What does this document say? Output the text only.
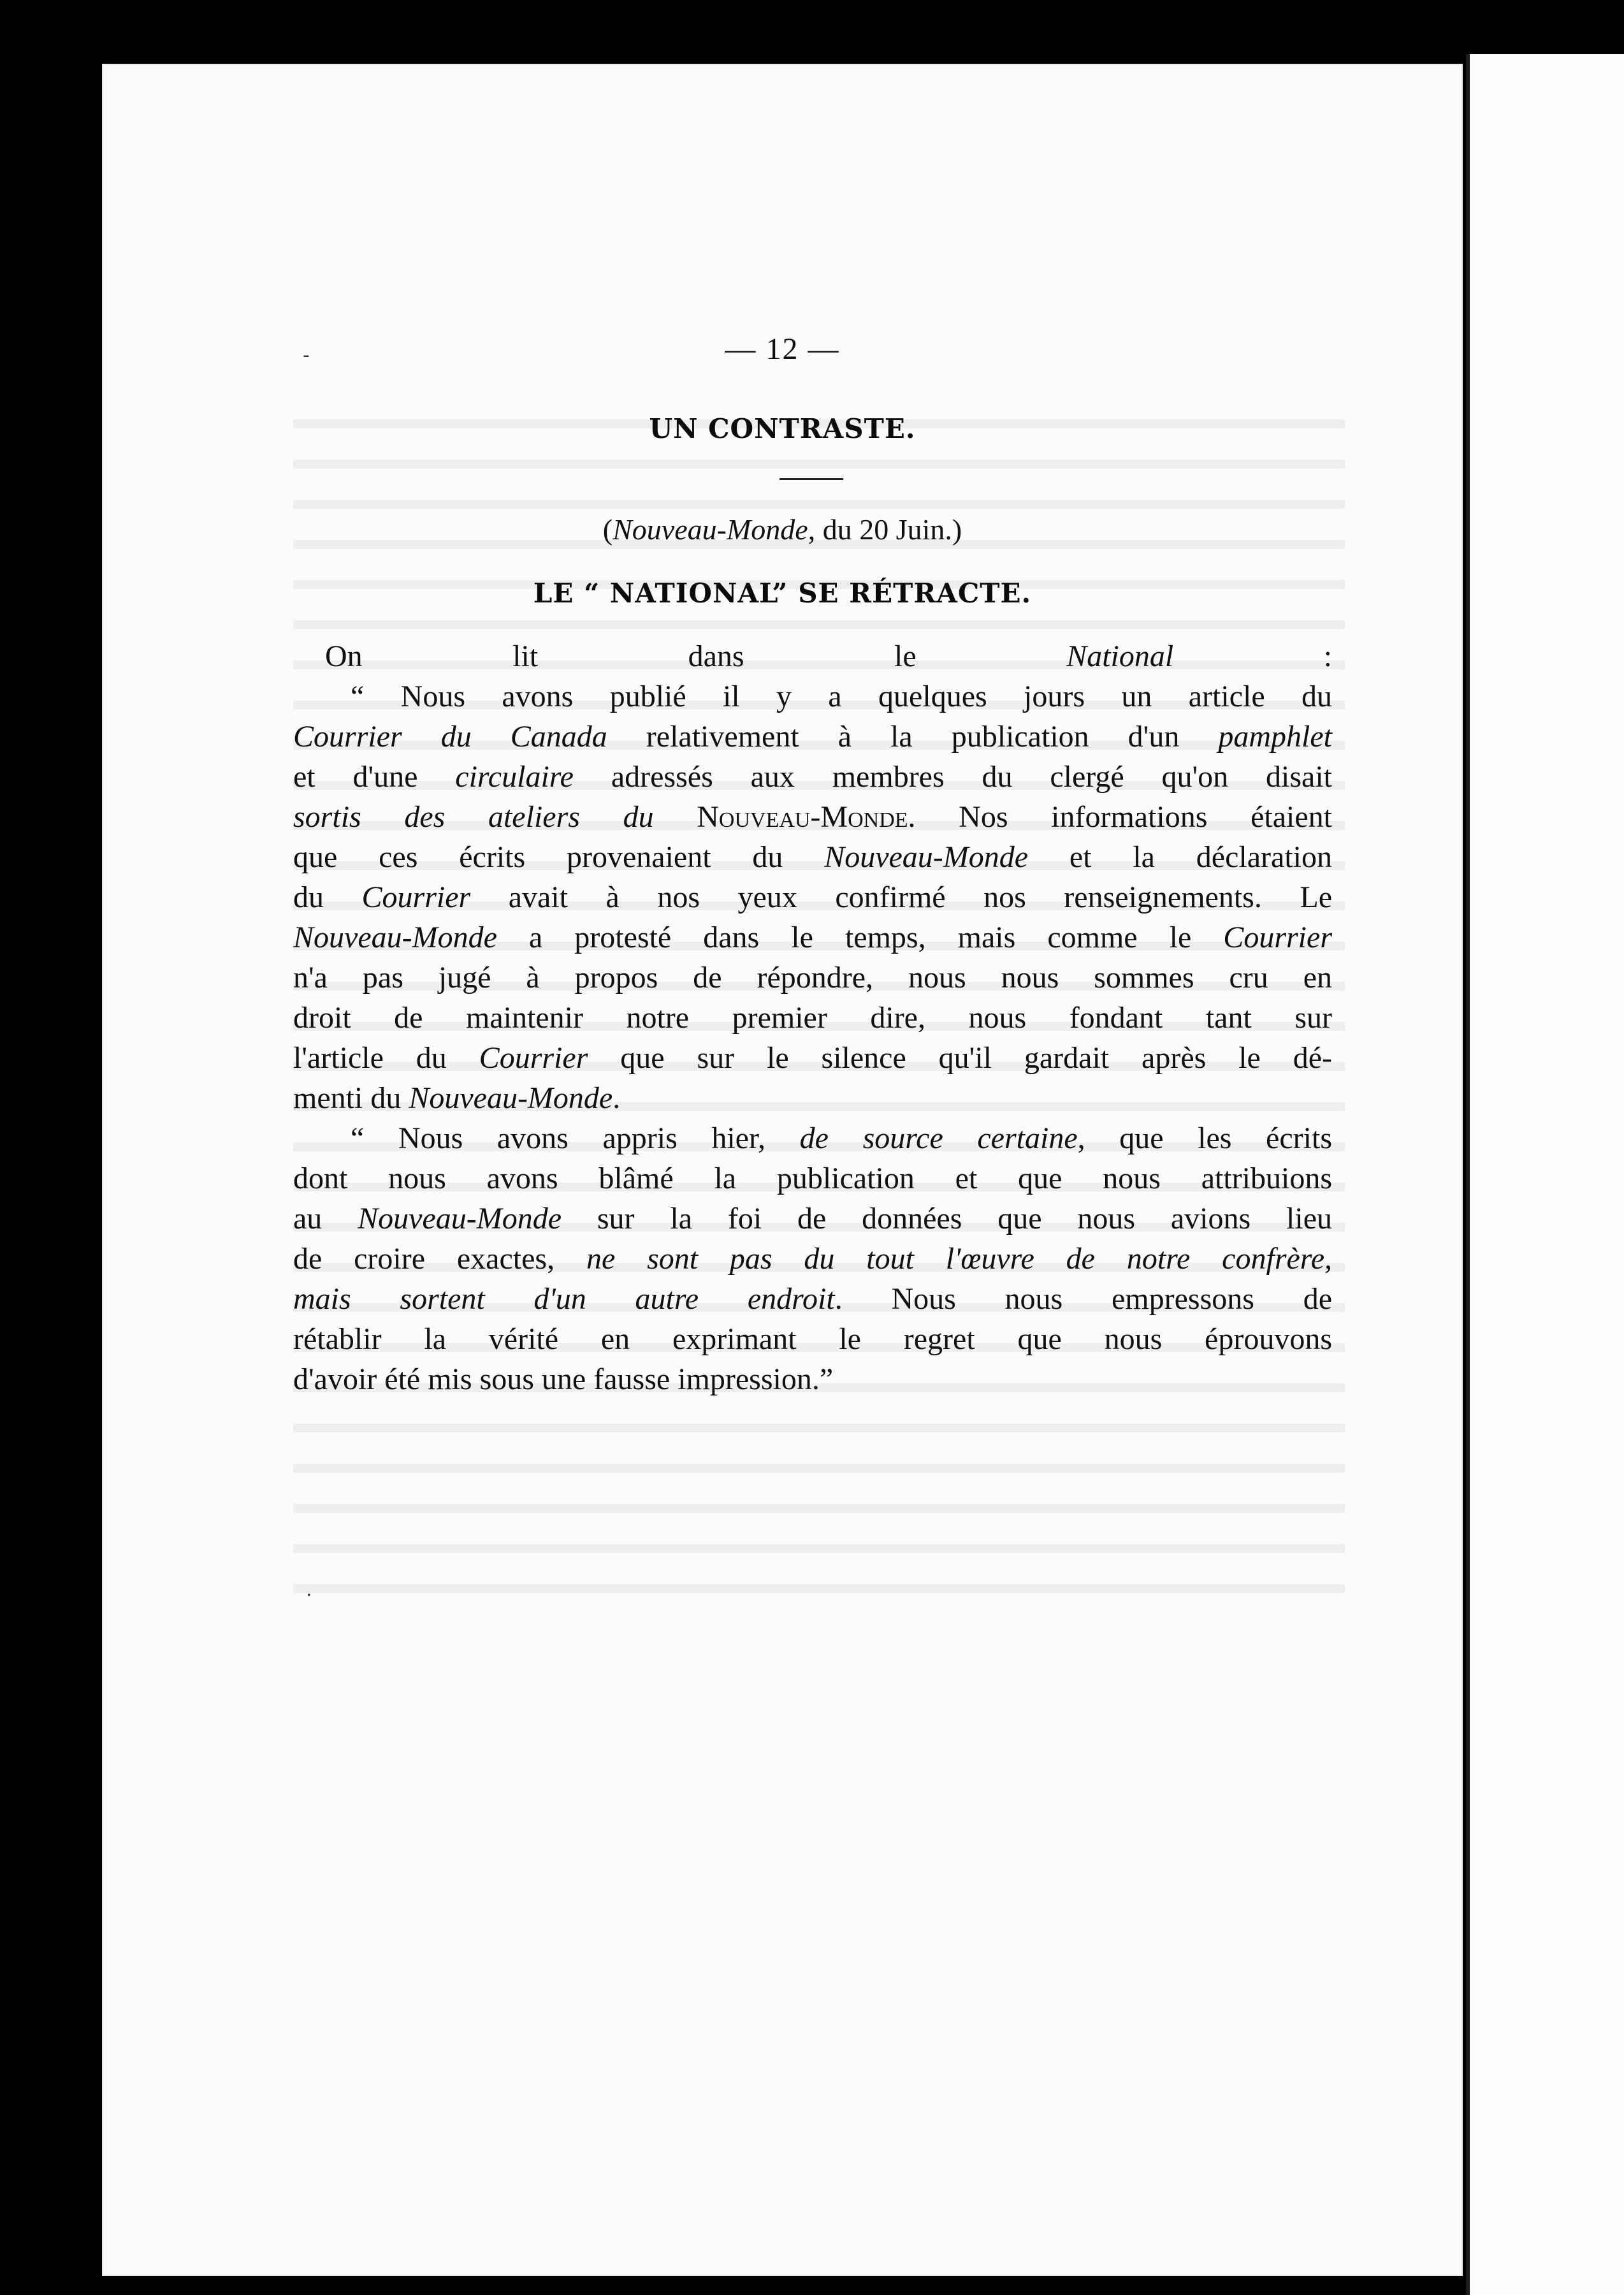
— 12 —
UN CONTRASTE.
(Nouveau-Monde, du 20 Juin.)
LE “ NATIONAL” SE RÉTRACTE.
On lit dans le National :
“ Nous avons publié il y a quelques jours un article du
Courrier du Canada relativement à la publication d'un pamphlet
et d'une circulaire adressés aux membres du clergé qu'on disait
sortis des ateliers du Nouveau-Monde. Nos informations étaient
que ces écrits provenaient du Nouveau-Monde et la déclaration
du Courrier avait à nos yeux confirmé nos renseignements. Le
Nouveau-Monde a protesté dans le temps, mais comme le Courrier
n'a pas jugé à propos de répondre, nous nous sommes cru en
droit de maintenir notre premier dire, nous fondant tant sur
l'article du Courrier que sur le silence qu'il gardait après le dé-
menti du Nouveau-Monde.
“ Nous avons appris hier, de source certaine, que les écrits
dont nous avons blâmé la publication et que nous attribuions
au Nouveau-Monde sur la foi de données que nous avions lieu
de croire exactes, ne sont pas du tout l'œuvre de notre confrère,
mais sortent d'un autre endroit. Nous nous empressons de
rétablir la vérité en exprimant le regret que nous éprouvons
d'avoir été mis sous une fausse impression.”
-
·
